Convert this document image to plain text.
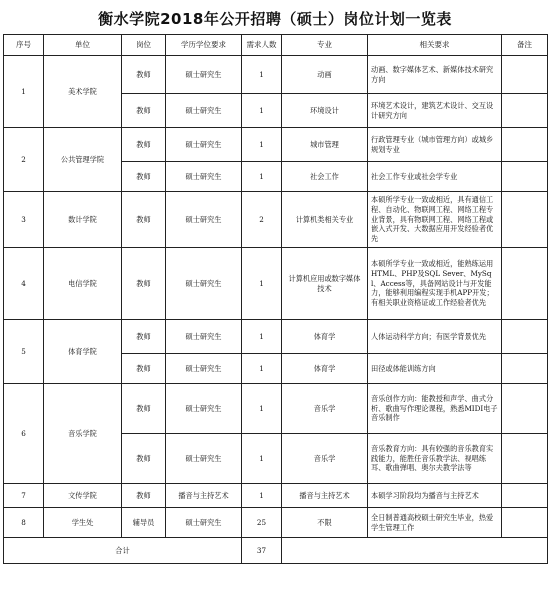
衡水学院2018年公开招聘（硕士）岗位计划一览表
序号	单位	岗位	学历学位要求	需求人数	专业	相关要求	备注
1	美术学院	教师	硕士研究生	1	动画	动画、数字媒体艺术、新媒体技术研究方向	
		教师	硕士研究生	1	环境设计	环境艺术设计，建筑艺术设计、交互设计研究方向	
2	公共管理学院	教师	硕士研究生	1	城市管理	行政管理专业（城市管理方向）或城乡规划专业	
		教师	硕士研究生	1	社会工作	社会工作专业或社会学专业	
3	数计学院	教师	硕士研究生	2	计算机类相关专业	本硕所学专业一致或相近，具有通信工程、自动化、物联网工程、网络工程专业背景，具有物联网工程、网络工程或嵌入式开发、大数据应用开发经验者优先	
4	电信学院	教师	硕士研究生	1	计算机应用或数字媒体技术	本硕所学专业一致或相近，能熟练运用HTML、PHP及SQL Sever、MySql、Access等，具备网站设计与开发能力，能够利用编程实现手机APP开发；有相关职业资格证或工作经验者优先	
5	体育学院	教师	硕士研究生	1	体育学	人体运动科学方向；有医学背景优先	
		教师	硕士研究生	1	体育学	田径或体能训练方向	
6	音乐学院	教师	硕士研究生	1	音乐学	音乐创作方向：能教授和声学、曲式分析、歌曲写作理论课程，熟悉MIDI电子音乐制作	
		教师	硕士研究生	1	音乐学	音乐教育方向：具有较强的音乐教育实践能力，能胜任音乐教学法、视唱练耳、歌曲弹唱、奥尔夫教学法等	
7	文传学院	教师	播音与主持艺术	1	播音与主持艺术	本硕学习阶段均为播音与主持艺术	
8	学生处	辅导员	硕士研究生	25	不限	全日制普通高校硕士研究生毕业，热爱学生管理工作	
合计				37			
